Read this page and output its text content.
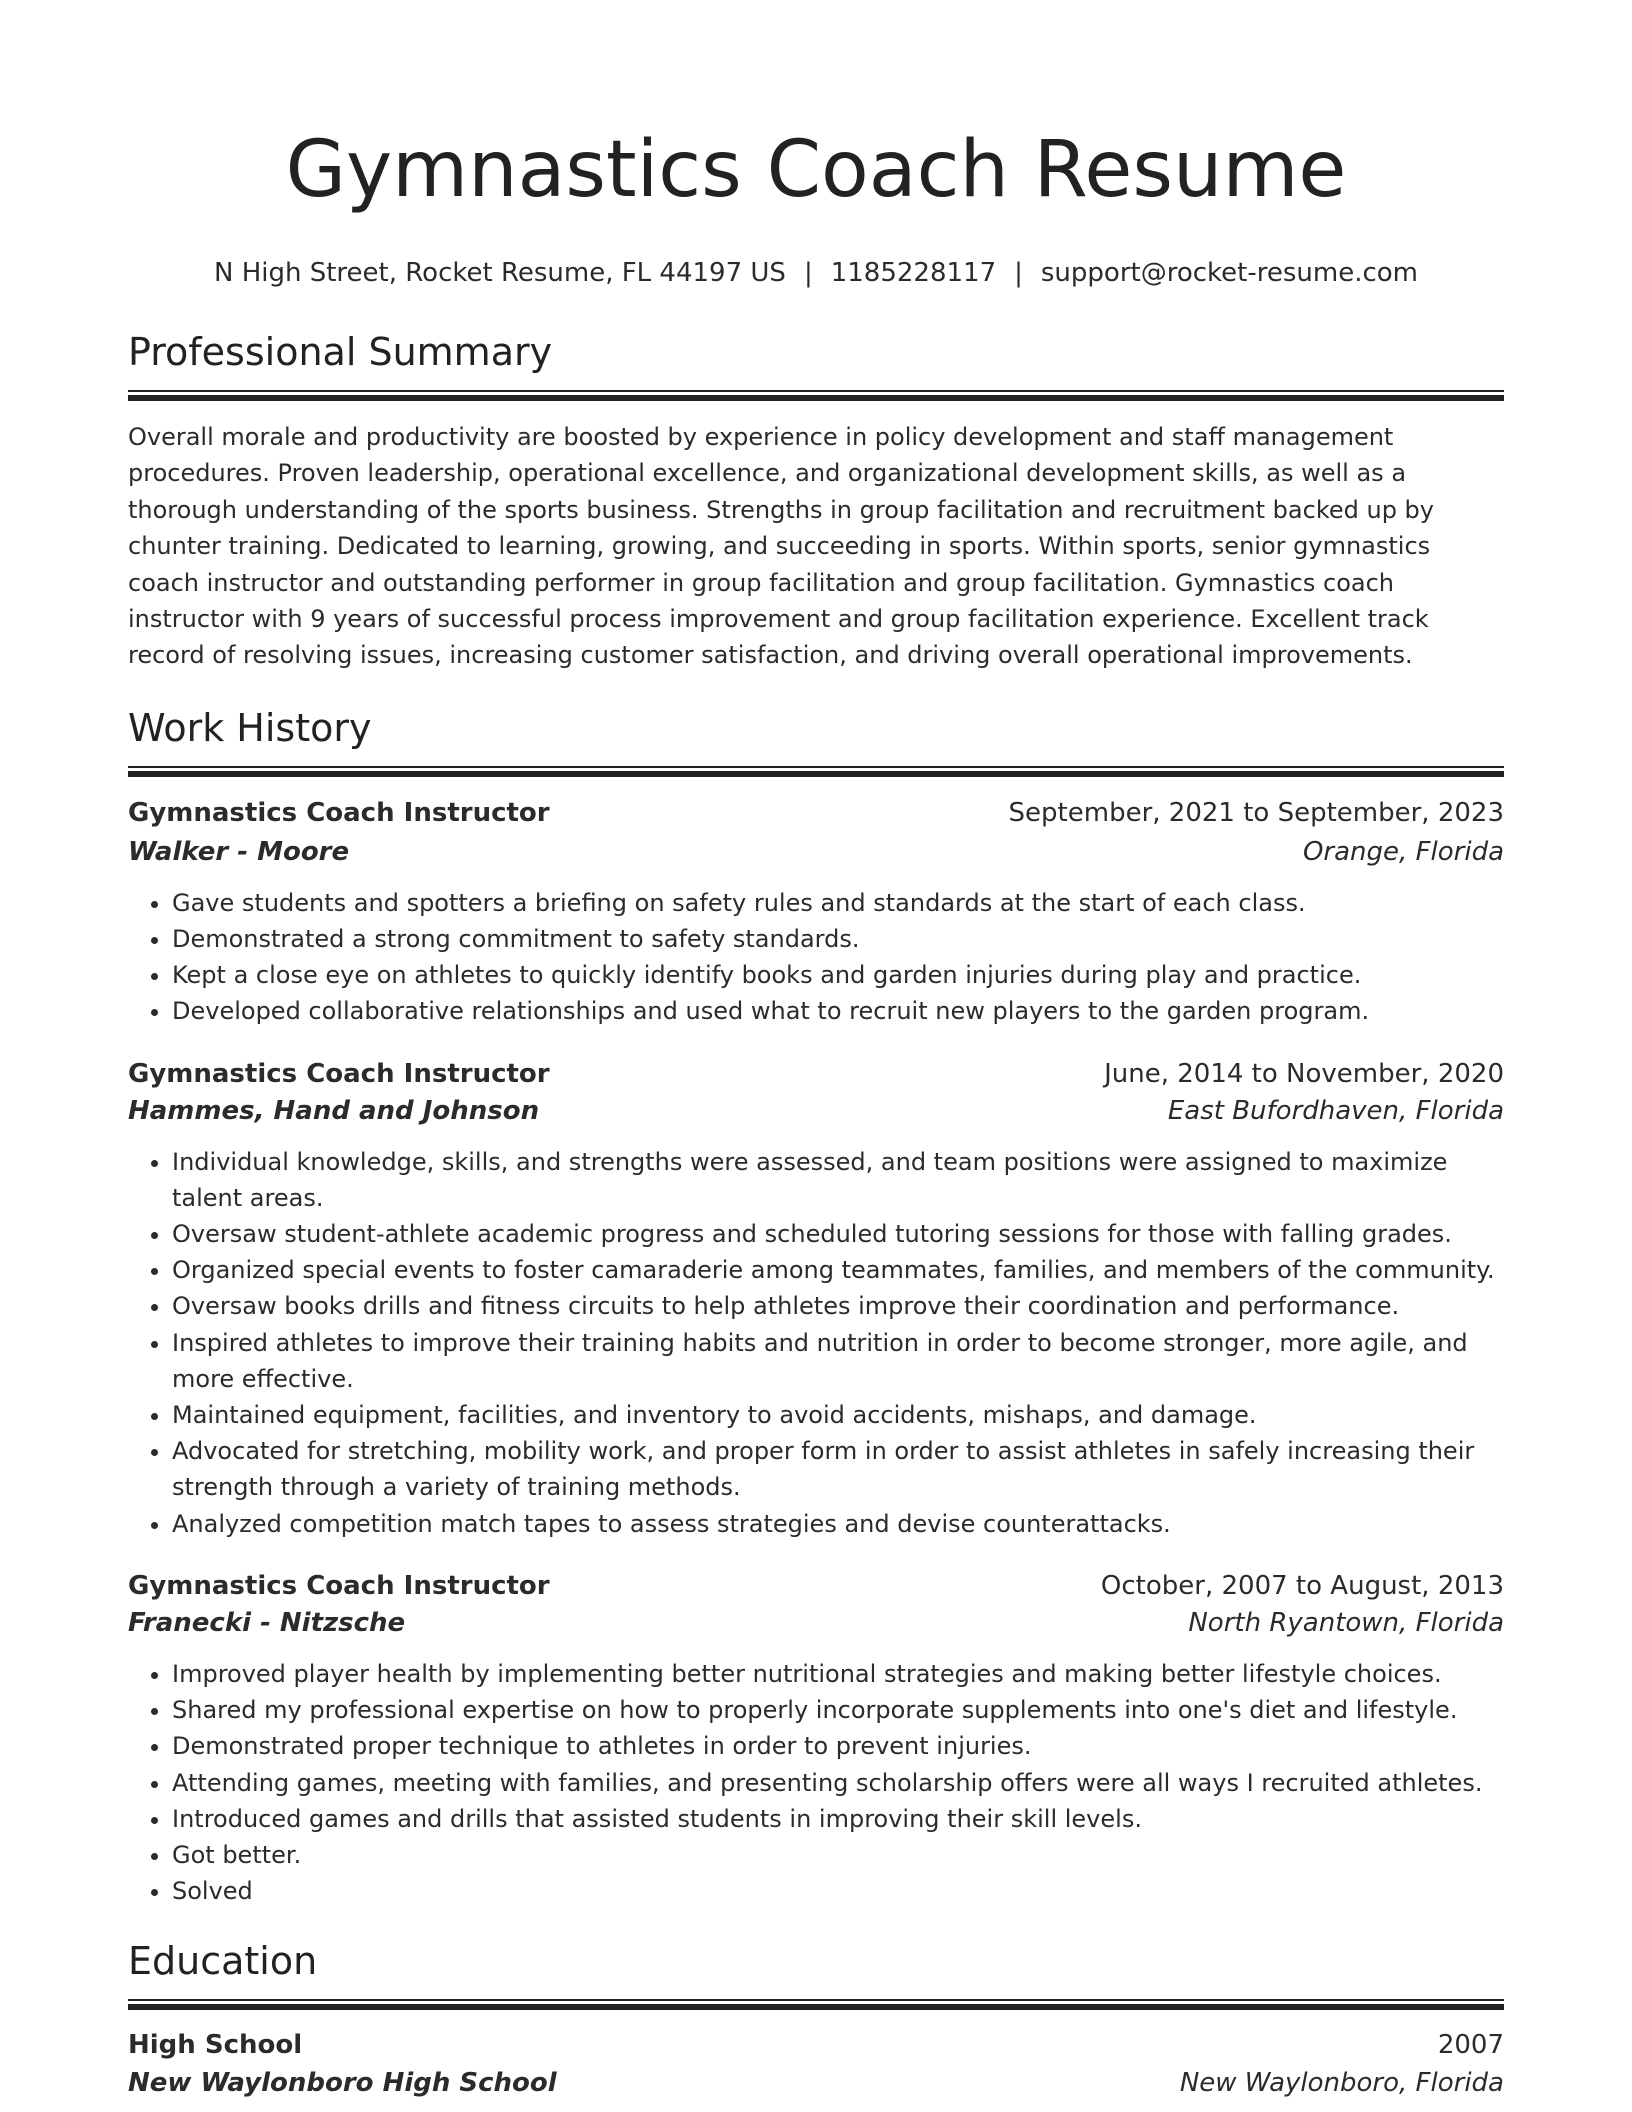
Gymnastics Coach Resume
N High Street, Rocket Resume, FL 44197 US | 1185228117 | support@rocket-resume.com
Professional Summary

Overall morale and productivity are boosted by experience in policy development and staff management procedures. Proven leadership, operational excellence, and organizational development skills, as well as a thorough understanding of the sports business. Strengths in group facilitation and recruitment backed up by chunter training. Dedicated to learning, growing, and succeeding in sports. Within sports, senior gymnastics coach instructor and outstanding performer in group facilitation and group facilitation. Gymnastics coach instructor with 9 years of successful process improvement and group facilitation experience. Excellent track record of resolving issues, increasing customer satisfaction, and driving overall operational improvements.

Work History
Gymnastics Coach Instructor	September, 2021 to September, 2023
Walker - Moore	Orange, Florida
• Gave students and spotters a briefing on safety rules and standards at the start of each class.
• Demonstrated a strong commitment to safety standards.
• Kept a close eye on athletes to quickly identify books and garden injuries during play and practice.
• Developed collaborative relationships and used what to recruit new players to the garden program.
Gymnastics Coach Instructor	June, 2014 to November, 2020
Hammes, Hand and Johnson	East Bufordhaven, Florida
• Individual knowledge, skills, and strengths were assessed, and team positions were assigned to maximize talent areas.
• Oversaw student-athlete academic progress and scheduled tutoring sessions for those with falling grades.
• Organized special events to foster camaraderie among teammates, families, and members of the community.
• Oversaw books drills and fitness circuits to help athletes improve their coordination and performance.
• Inspired athletes to improve their training habits and nutrition in order to become stronger, more agile, and more effective.
• Maintained equipment, facilities, and inventory to avoid accidents, mishaps, and damage.
• Advocated for stretching, mobility work, and proper form in order to assist athletes in safely increasing their strength through a variety of training methods.
• Analyzed competition match tapes to assess strategies and devise counterattacks.
Gymnastics Coach Instructor	October, 2007 to August, 2013
Franecki - Nitzsche	North Ryantown, Florida
• Improved player health by implementing better nutritional strategies and making better lifestyle choices.
• Shared my professional expertise on how to properly incorporate supplements into one's diet and lifestyle.
• Demonstrated proper technique to athletes in order to prevent injuries.
• Attending games, meeting with families, and presenting scholarship offers were all ways I recruited athletes.
• Introduced games and drills that assisted students in improving their skill levels.
• Got better.
• Solved
Education
High School	2007
New Waylonboro High School	New Waylonboro, Florida
